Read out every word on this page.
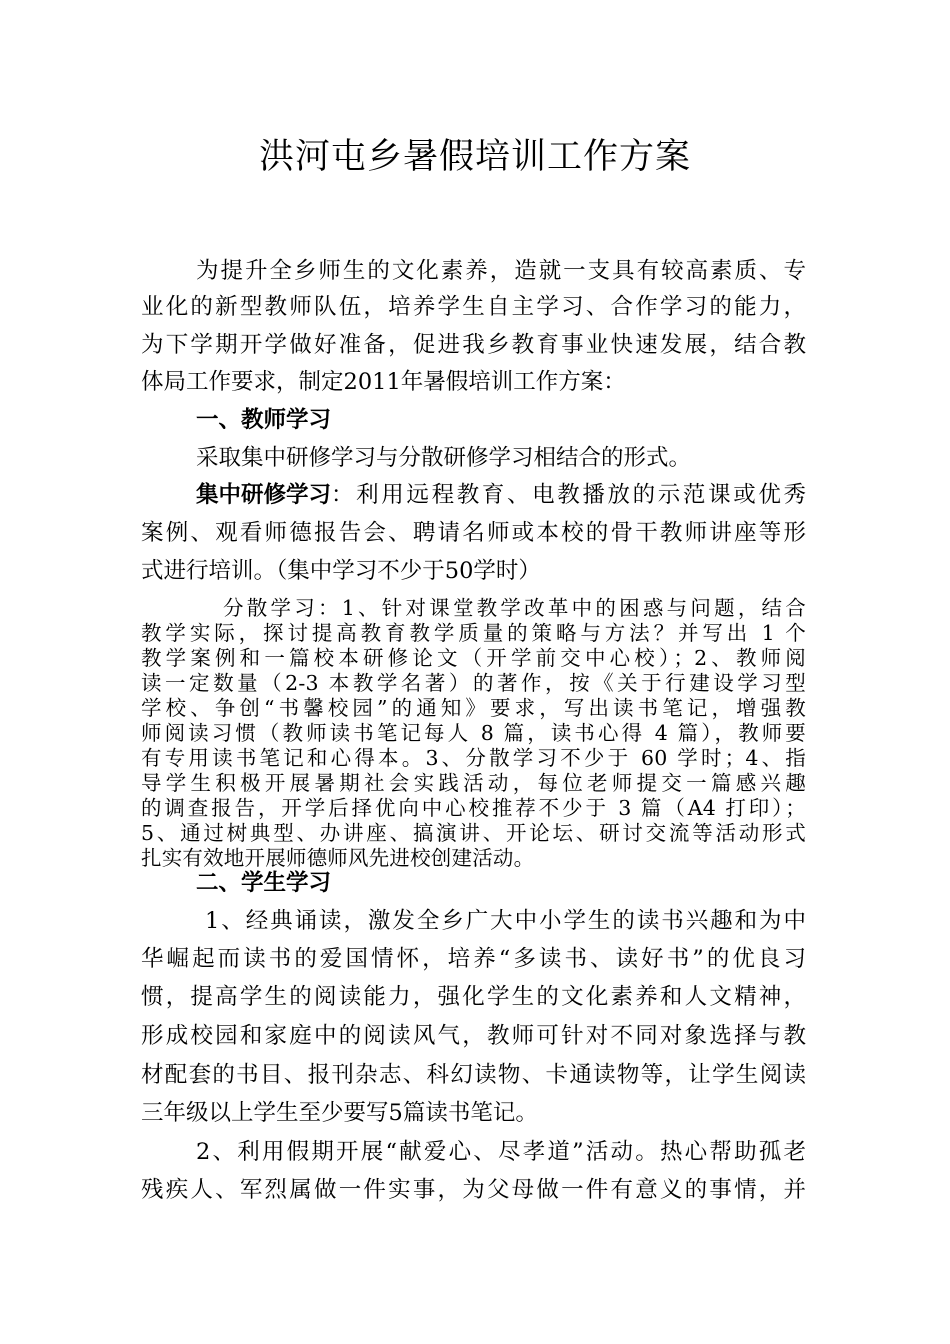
洪河屯乡暑假培训工作方案
为提升全乡师生的文化素养，造就一支具有较高素质、专
业化的新型教师队伍，培养学生自主学习、合作学习的能力，
为下学期开学做好准备，促进我乡教育事业快速发展，结合教
体局工作要求，制定2011年暑假培训工作方案：
一、教师学习
采取集中研修学习与分散研修学习相结合的形式。
集中研修学习 ：利用远程教育、电教播放的示范课或优秀
案例、观看师德报告会、聘请名师或本校的骨干教师讲座等形
式进行培训。（集中学习不少于50学时）
分散学习：1、针对课堂教学改革中的困惑与问题，结合
教学实际，探讨提高教育教学质量的策略与方法？并写出 1 个
教学案例和一篇校本研修论文（开学前交中心校）；2、教师阅
读一定数量（2-3 本教学名著）的著作，按《关于行建设学习型
学校、争创“书馨校园”的通知》要求，写出读书笔记，增强教
师阅读习惯（教师读书笔记每人 8 篇，读书心得 4 篇），教师要
有专用读书笔记和心得本。3、分散学习不少于 60 学时；4、指
导学生积极开展暑期社会实践活动，每位老师提交一篇感兴趣
的调查报告，开学后择优向中心校推荐不少于 3 篇（A4 打印）；
5、通过树典型、办讲座、搞演讲、开论坛、研讨交流等活动形式
扎实有效地开展师德师风先进校创建活动。
二、学生学习
1、经典诵读，激发全乡广大中小学生的读书兴趣和为中
华崛起而读书的爱国情怀，培养“多读书、读好书”的优良习
惯，提高学生的阅读能力，强化学生的文化素养和人文精神，
形成校园和家庭中的阅读风气，教师可针对不同对象选择与教
材配套的书目、报刊杂志、科幻读物、卡通读物等，让学生阅读
三年级以上学生至少要写5篇读书笔记。
2、利用假期开展“献爱心、尽孝道”活动。热心帮助孤老
残疾人、军烈属做一件实事，为父母做一件有意义的事情，并
